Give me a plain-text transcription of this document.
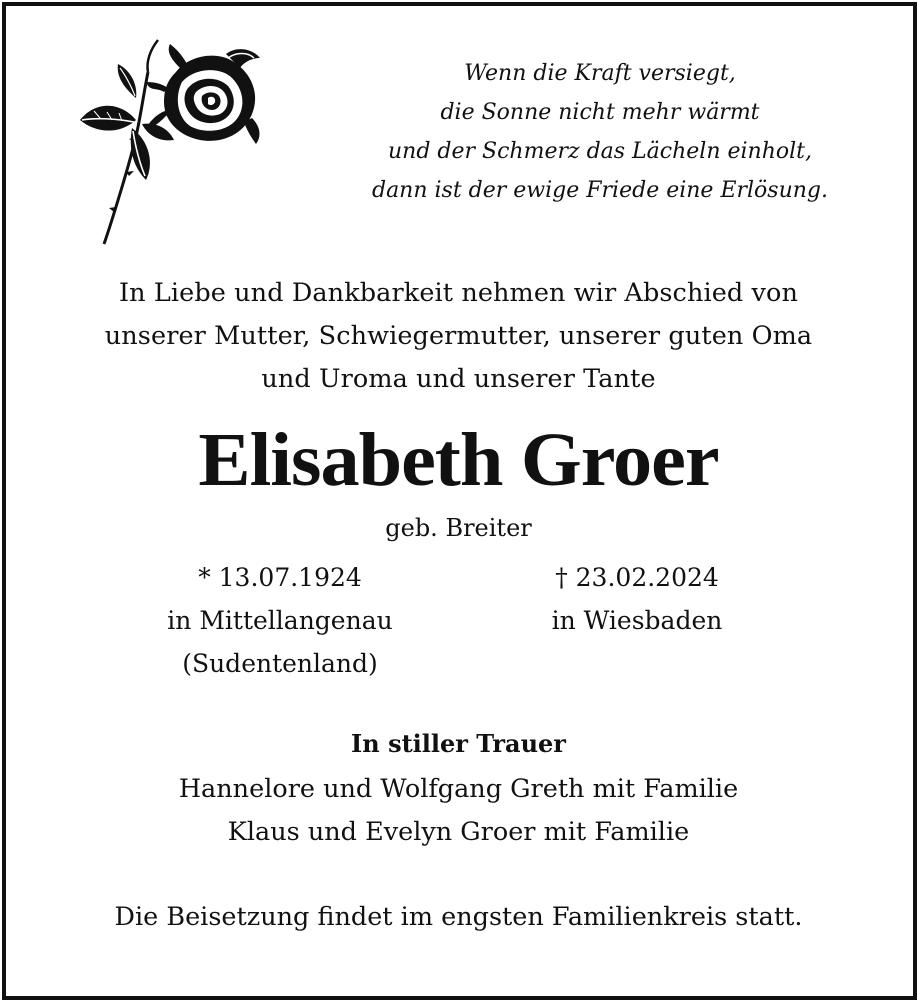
Wenn die Kraft versiegt,
die Sonne nicht mehr wärmt
und der Schmerz das Lächeln einholt,
dann ist der ewige Friede eine Erlösung.
In Liebe und Dankbarkeit nehmen wir Abschied von
unserer Mutter, Schwiegermutter, unserer guten Oma
und Uroma und unserer Tante
Elisabeth Groer
geb. Breiter
* 13.07.1924
in Mittellangenau
(Sudentenland)
† 23.02.2024
in Wiesbaden
In stiller Trauer
Hannelore und Wolfgang Greth mit Familie
Klaus und Evelyn Groer mit Familie
Die Beisetzung findet im engsten Familienkreis statt.
